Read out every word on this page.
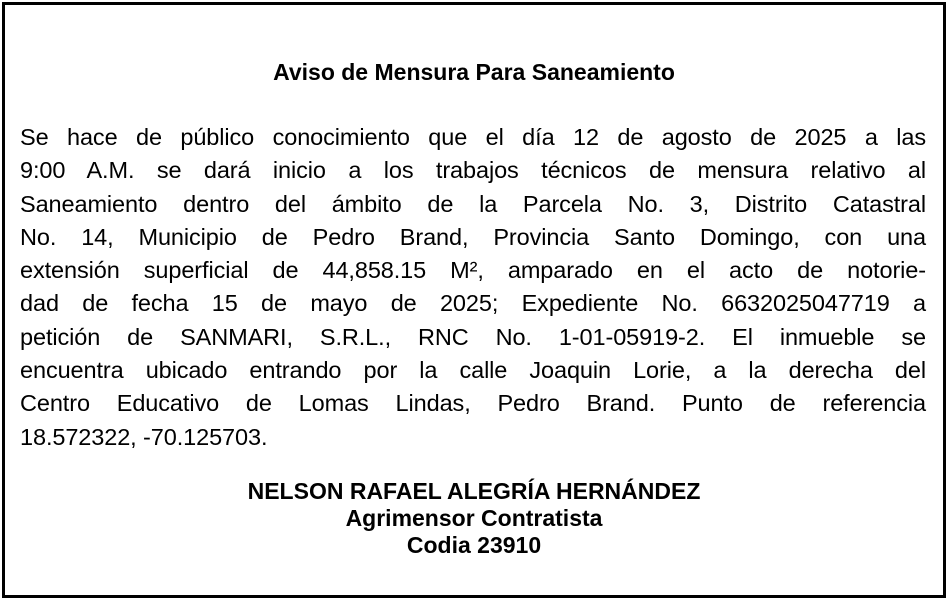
Aviso de Mensura Para Saneamiento
Se hace de público conocimiento que el día 12 de agosto de 2025 a las
9:00 A.M. se dará inicio a los trabajos técnicos de mensura relativo al
Saneamiento dentro del ámbito de la Parcela No. 3, Distrito Catastral
No. 14, Municipio de Pedro Brand, Provincia Santo Domingo, con una
extensión superficial de 44,858.15 M², amparado en el acto de notorie-
dad de fecha 15 de mayo de 2025; Expediente No. 6632025047719 a
petición de SANMARI, S.R.L., RNC No. 1-01-05919-2. El inmueble se
encuentra ubicado entrando por la calle Joaquin Lorie, a la derecha del
Centro Educativo de Lomas Lindas, Pedro Brand. Punto de referencia
18.572322, -70.125703.
NELSON RAFAEL ALEGRÍA HERNÁNDEZ
Agrimensor Contratista
Codia 23910
